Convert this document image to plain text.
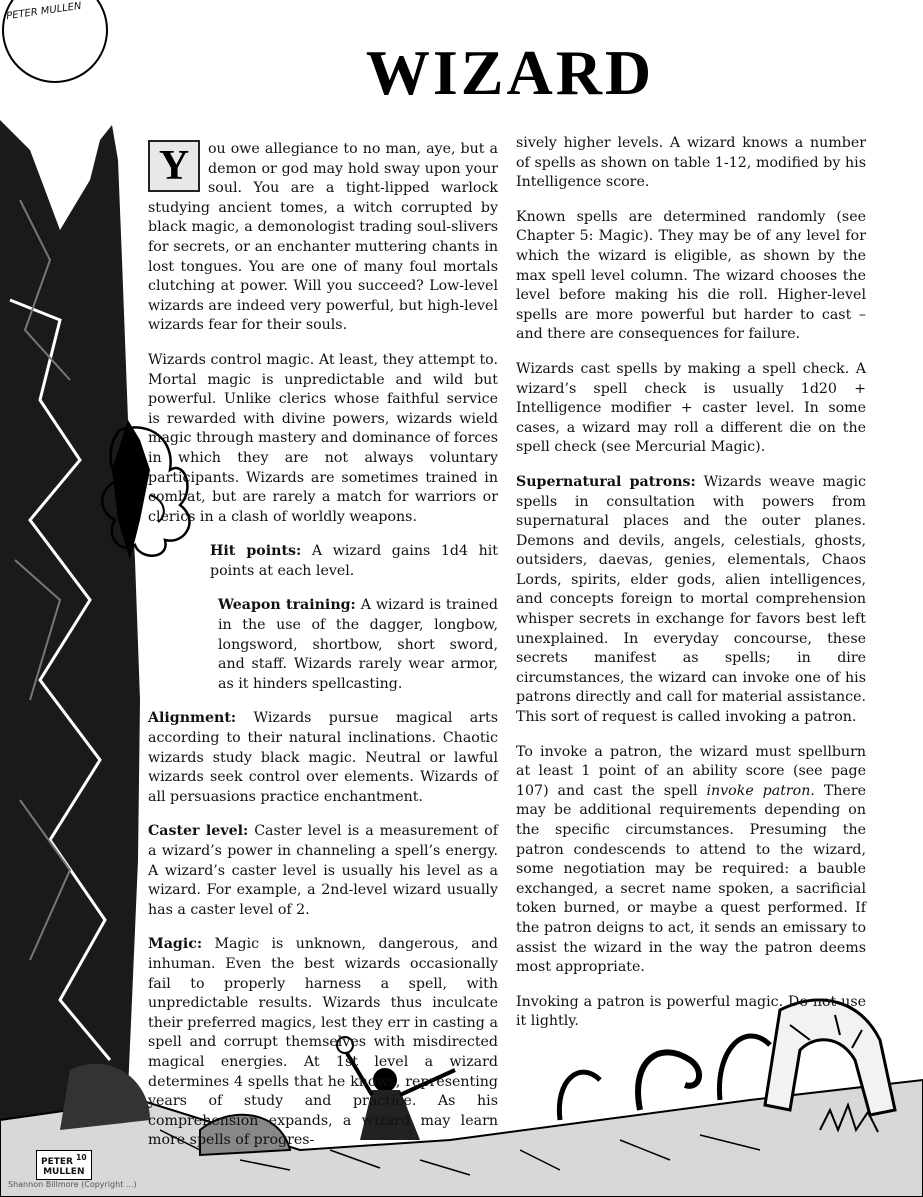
WIZARD

Y	ou owe allegiance to no man, aye, but a demon or god may hold sway upon your soul. You are a tight-lipped warlock studying ancient tomes, a witch corrupted by black magic, a demonologist trading soul-slivers for secrets, or an enchanter muttering chants in lost tongues. You are one of many foul mortals clutching at power. Will you succeed? Low-level wizards are indeed very powerful, but high-level wizards fear for their souls.

Wizards control magic. At least, they attempt to. Mortal magic is unpredictable and wild but powerful. Unlike clerics whose faithful service is rewarded with divine powers, wizards wield magic through mastery and dominance of forces in which they are not always voluntary participants. Wizards are sometimes trained in combat, but are rarely a match for warriors or clerics in a clash of worldly weapons.

Hit points: A wizard gains 1d4 hit points at each level.

Weapon training: A wizard is trained in the use of the dagger, longbow, longsword, shortbow, short sword, and staff. Wizards rarely wear armor, as it hinders spellcasting.

Alignment: Wizards pursue magical arts according to their natural inclinations. Chaotic wizards study black magic. Neutral or lawful wizards seek control over elements. Wizards of all persuasions practice enchantment.

Caster level: Caster level is a measurement of a wizard’s power in channeling a spell’s energy. A wizard’s caster level is usually his level as a wizard. For example, a 2nd-level wizard usually has a caster level of 2.

Magic: Magic is unknown, dangerous, and inhuman. Even the best wizards occasionally fail to properly harness a spell, with unpredictable results. Wizards thus inculcate their preferred magics, lest they err in casting a spell and corrupt themselves with misdirected magical energies. At 1st level a wizard determines 4 spells that he knows, representing years of study and practice. As his comprehension expands, a wizard may learn more spells of progres-

sively higher levels. A wizard knows a number of spells as shown on table 1-12, modified by his Intelligence score.

Known spells are determined randomly (see Chapter 5: Magic). They may be of any level for which the wizard is eligible, as shown by the max spell level column. The wizard chooses the level before making his die roll. Higher-level spells are more powerful but harder to cast – and there are consequences for failure.

Wizards cast spells by making a spell check. A wizard’s spell check is usually 1d20 + Intelligence modifier + caster level. In some cases, a wizard may roll a different die on the spell check (see Mercurial Magic).

Supernatural patrons: Wizards weave magic spells in consultation with powers from supernatural places and the outer planes. Demons and devils, angels, celestials, ghosts, outsiders, daevas, genies, elementals, Chaos Lords, spirits, elder gods, alien intelligences, and concepts foreign to mortal comprehension whisper secrets in exchange for favors best left unexplained. In everyday concourse, these secrets manifest as spells; in dire circumstances, the wizard can invoke one of his patrons directly and call for material assistance. This sort of request is called invoking a patron.

To invoke a patron, the wizard must spellburn at least 1 point of an ability score (see page 107) and cast the spell invoke patron. There may be additional requirements depending on the specific circumstances. Presuming the patron condescends to attend to the wizard, some negotiation may be required: a bauble exchanged, a secret name spoken, a sacrificial token burned, or maybe a quest performed. If the patron deigns to act, it sends an emissary to assist the wizard in the way the patron deems most appropriate.

Invoking a patron is powerful magic. Do not use it lightly.

PETER $^{10}$
MULLEN
Shannon Billmore (Copyright ...)
PETER MULLEN
